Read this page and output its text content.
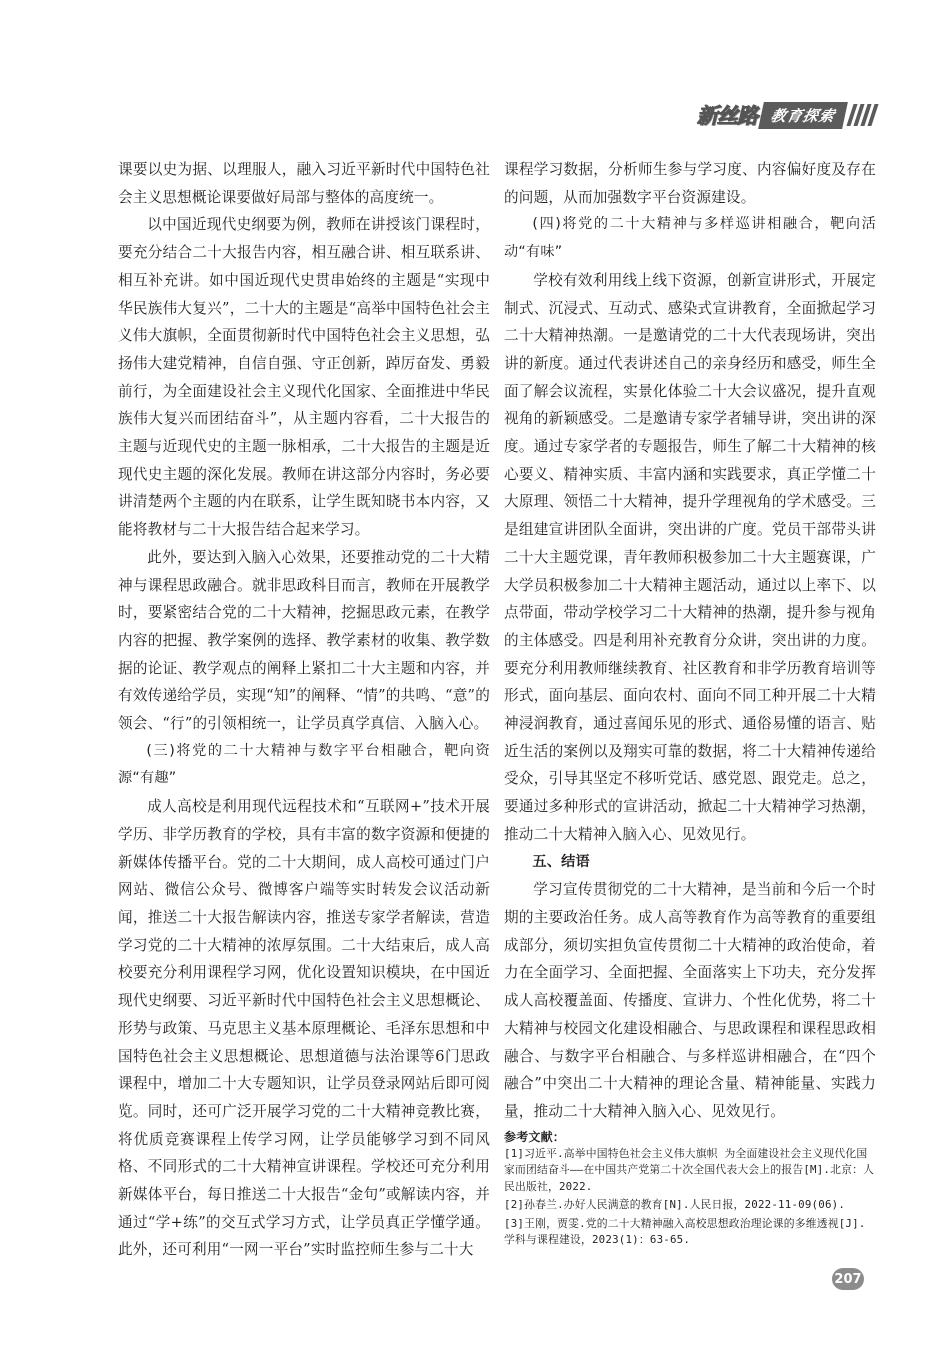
新丝路 教育探索

课要以史为据、以理服人，融入习近平新时代中国特色社会主义思想概论课要做好局部与整体的高度统一。

以中国近现代史纲要为例，教师在讲授该门课程时，要充分结合二十大报告内容，相互融合讲、相互联系讲、相互补充讲。如中国近现代史贯串始终的主题是“实现中华民族伟大复兴”，二十大的主题是“高举中国特色社会主义伟大旗帜，全面贯彻新时代中国特色社会主义思想，弘扬伟大建党精神，自信自强、守正创新，踔厉奋发、勇毅前行，为全面建设社会主义现代化国家、全面推进中华民族伟大复兴而团结奋斗”，从主题内容看，二十大报告的主题与近现代史的主题一脉相承，二十大报告的主题是近现代史主题的深化发展。教师在讲这部分内容时，务必要讲清楚两个主题的内在联系，让学生既知晓书本内容，又能将教材与二十大报告结合起来学习。

此外，要达到入脑入心效果，还要推动党的二十大精神与课程思政融合。就非思政科目而言，教师在开展教学时，要紧密结合党的二十大精神，挖掘思政元素，在教学内容的把握、教学案例的选择、教学素材的收集、教学数据的论证、教学观点的阐释上紧扣二十大主题和内容，并有效传递给学员，实现“知”的阐释、“情”的共鸣、“意”的领会、“行”的引领相统一，让学员真学真信、入脑入心。

(三)将党的二十大精神与数字平台相融合，靶向资源“有趣”

成人高校是利用现代远程技术和“互联网+”技术开展学历、非学历教育的学校，具有丰富的数字资源和便捷的新媒体传播平台。党的二十大期间，成人高校可通过门户网站、微信公众号、微博客户端等实时转发会议活动新闻，推送二十大报告解读内容，推送专家学者解读，营造学习党的二十大精神的浓厚氛围。二十大结束后，成人高校要充分利用课程学习网，优化设置知识模块，在中国近现代史纲要、习近平新时代中国特色社会主义思想概论、形势与政策、马克思主义基本原理概论、毛泽东思想和中国特色社会主义思想概论、思想道德与法治课等6门思政课程中，增加二十大专题知识，让学员登录网站后即可阅览。同时，还可广泛开展学习党的二十大精神竞教比赛，将优质竞赛课程上传学习网，让学员能够学习到不同风格、不同形式的二十大精神宣讲课程。学校还可充分利用新媒体平台，每日推送二十大报告“金句”或解读内容，并通过“学+练”的交互式学习方式，让学员真正学懂学通。此外，还可利用“一网一平台”实时监控师生参与二十大

课程学习数据，分析师生参与学习度、内容偏好度及存在的问题，从而加强数字平台资源建设。

(四)将党的二十大精神与多样巡讲相融合，靶向活动“有味”

学校有效利用线上线下资源，创新宣讲形式，开展定制式、沉浸式、互动式、感染式宣讲教育，全面掀起学习二十大精神热潮。一是邀请党的二十大代表现场讲，突出讲的新度。通过代表讲述自己的亲身经历和感受，师生全面了解会议流程，实景化体验二十大会议盛况，提升直观视角的新颖感受。二是邀请专家学者辅导讲，突出讲的深度。通过专家学者的专题报告，师生了解二十大精神的核心要义、精神实质、丰富内涵和实践要求，真正学懂二十大原理、领悟二十大精神，提升学理视角的学术感受。三是组建宣讲团队全面讲，突出讲的广度。党员干部带头讲二十大主题党课，青年教师积极参加二十大主题赛课，广大学员积极参加二十大精神主题活动，通过以上率下、以点带面，带动学校学习二十大精神的热潮，提升参与视角的主体感受。四是利用补充教育分众讲，突出讲的力度。要充分利用教师继续教育、社区教育和非学历教育培训等形式，面向基层、面向农村、面向不同工种开展二十大精神浸润教育，通过喜闻乐见的形式、通俗易懂的语言、贴近生活的案例以及翔实可靠的数据，将二十大精神传递给受众，引导其坚定不移听党话、感党恩、跟党走。总之，要通过多种形式的宣讲活动，掀起二十大精神学习热潮，推动二十大精神入脑入心、见效见行。

五、结语

学习宣传贯彻党的二十大精神，是当前和今后一个时期的主要政治任务。成人高等教育作为高等教育的重要组成部分，须切实担负宣传贯彻二十大精神的政治使命，着力在全面学习、全面把握、全面落实上下功夫，充分发挥成人高校覆盖面、传播度、宣讲力、个性化优势，将二十大精神与校园文化建设相融合、与思政课程和课程思政相融合、与数字平台相融合、与多样巡讲相融合，在“四个融合”中突出二十大精神的理论含量、精神能量、实践力量，推动二十大精神入脑入心、见效见行。

参考文献：
[1]习近平.高举中国特色社会主义伟大旗帜 为全面建设社会主义现代化国家而团结奋斗——在中国共产党第二十次全国代表大会上的报告[M].北京：人民出版社，2022.
[2]孙春兰.办好人民满意的教育[N].人民日报，2022-11-09(06).
[3]王刚，贾雯.党的二十大精神融入高校思想政治理论课的多维透视[J].学科与课程建设，2023(1)：63-65.
207
